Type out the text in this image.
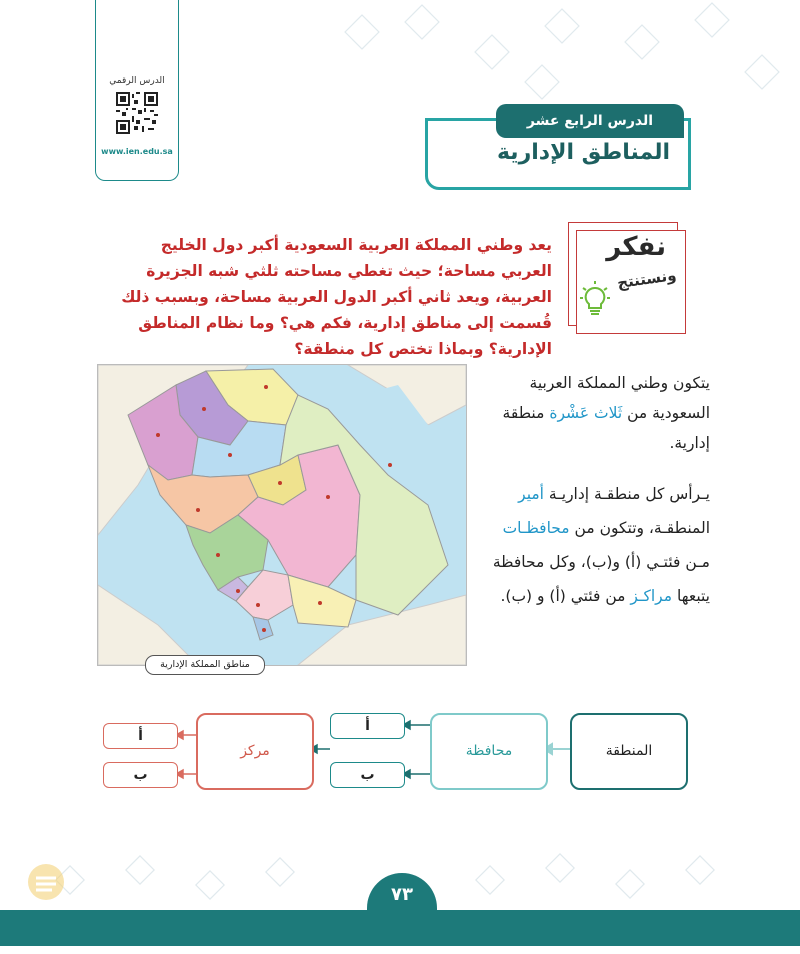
الدرس الرقمي
www.ien.edu.sa
الدرس الرابع عشر
المناطق الإدارية
نفكر
ونستنتج
يعد وطني المملكة العربية السعودية أكبر دول الخليج العربي مساحة؛ حيث تغطي مساحته ثلثي شبه الجزيرة العربية، ويعد ثاني أكبر الدول العربية مساحة، وبسبب ذلك قُسمت إلى مناطق إدارية، فكم هي؟ وما نظام المناطق الإدارية؟ وبماذا تختص كل منطقة؟
مناطق المملكة الإدارية
يتكون وطني المملكة العربية السعودية من ثَلاث عَشْرة منطقة إدارية.
يـرأس كل منطقـة إداريـة أمير المنطقـة، وتتكون من محافظـات مـن فئتـي (أ) و(ب)، وكل محافظة يتبعها مراكـز من فئتي (أ) و (ب).
المنطقة
محافظة
مركز
أ
ب
أ
ب
٧٣
